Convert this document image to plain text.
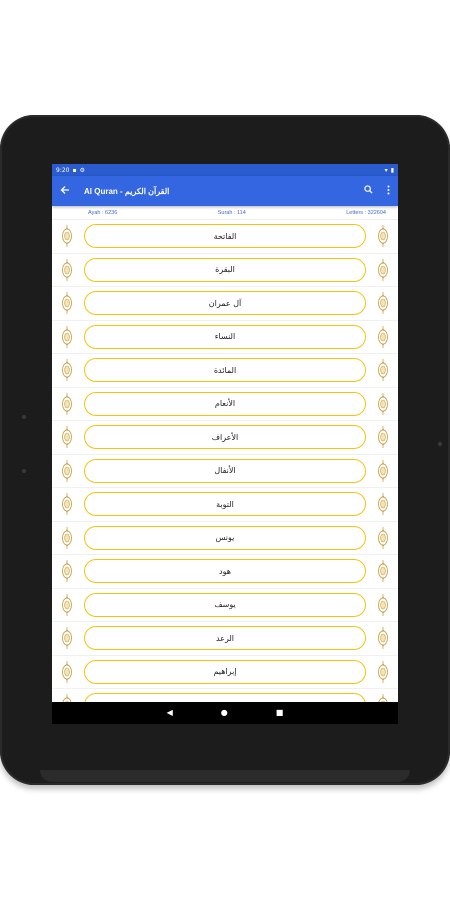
9:20 ▪ ⚙	▾ ▮
Al Quran - القرآن الكريم
Ayah : 6236	Surah : 114	Letters : 322604
الفاتحة
البقرة
آل عمران
النساء
المائدة
الأنعام
الأعراف
الأنفال
التوبة
يونس
هود
يوسف
الرعد
إبراهيم
◀	●	■
